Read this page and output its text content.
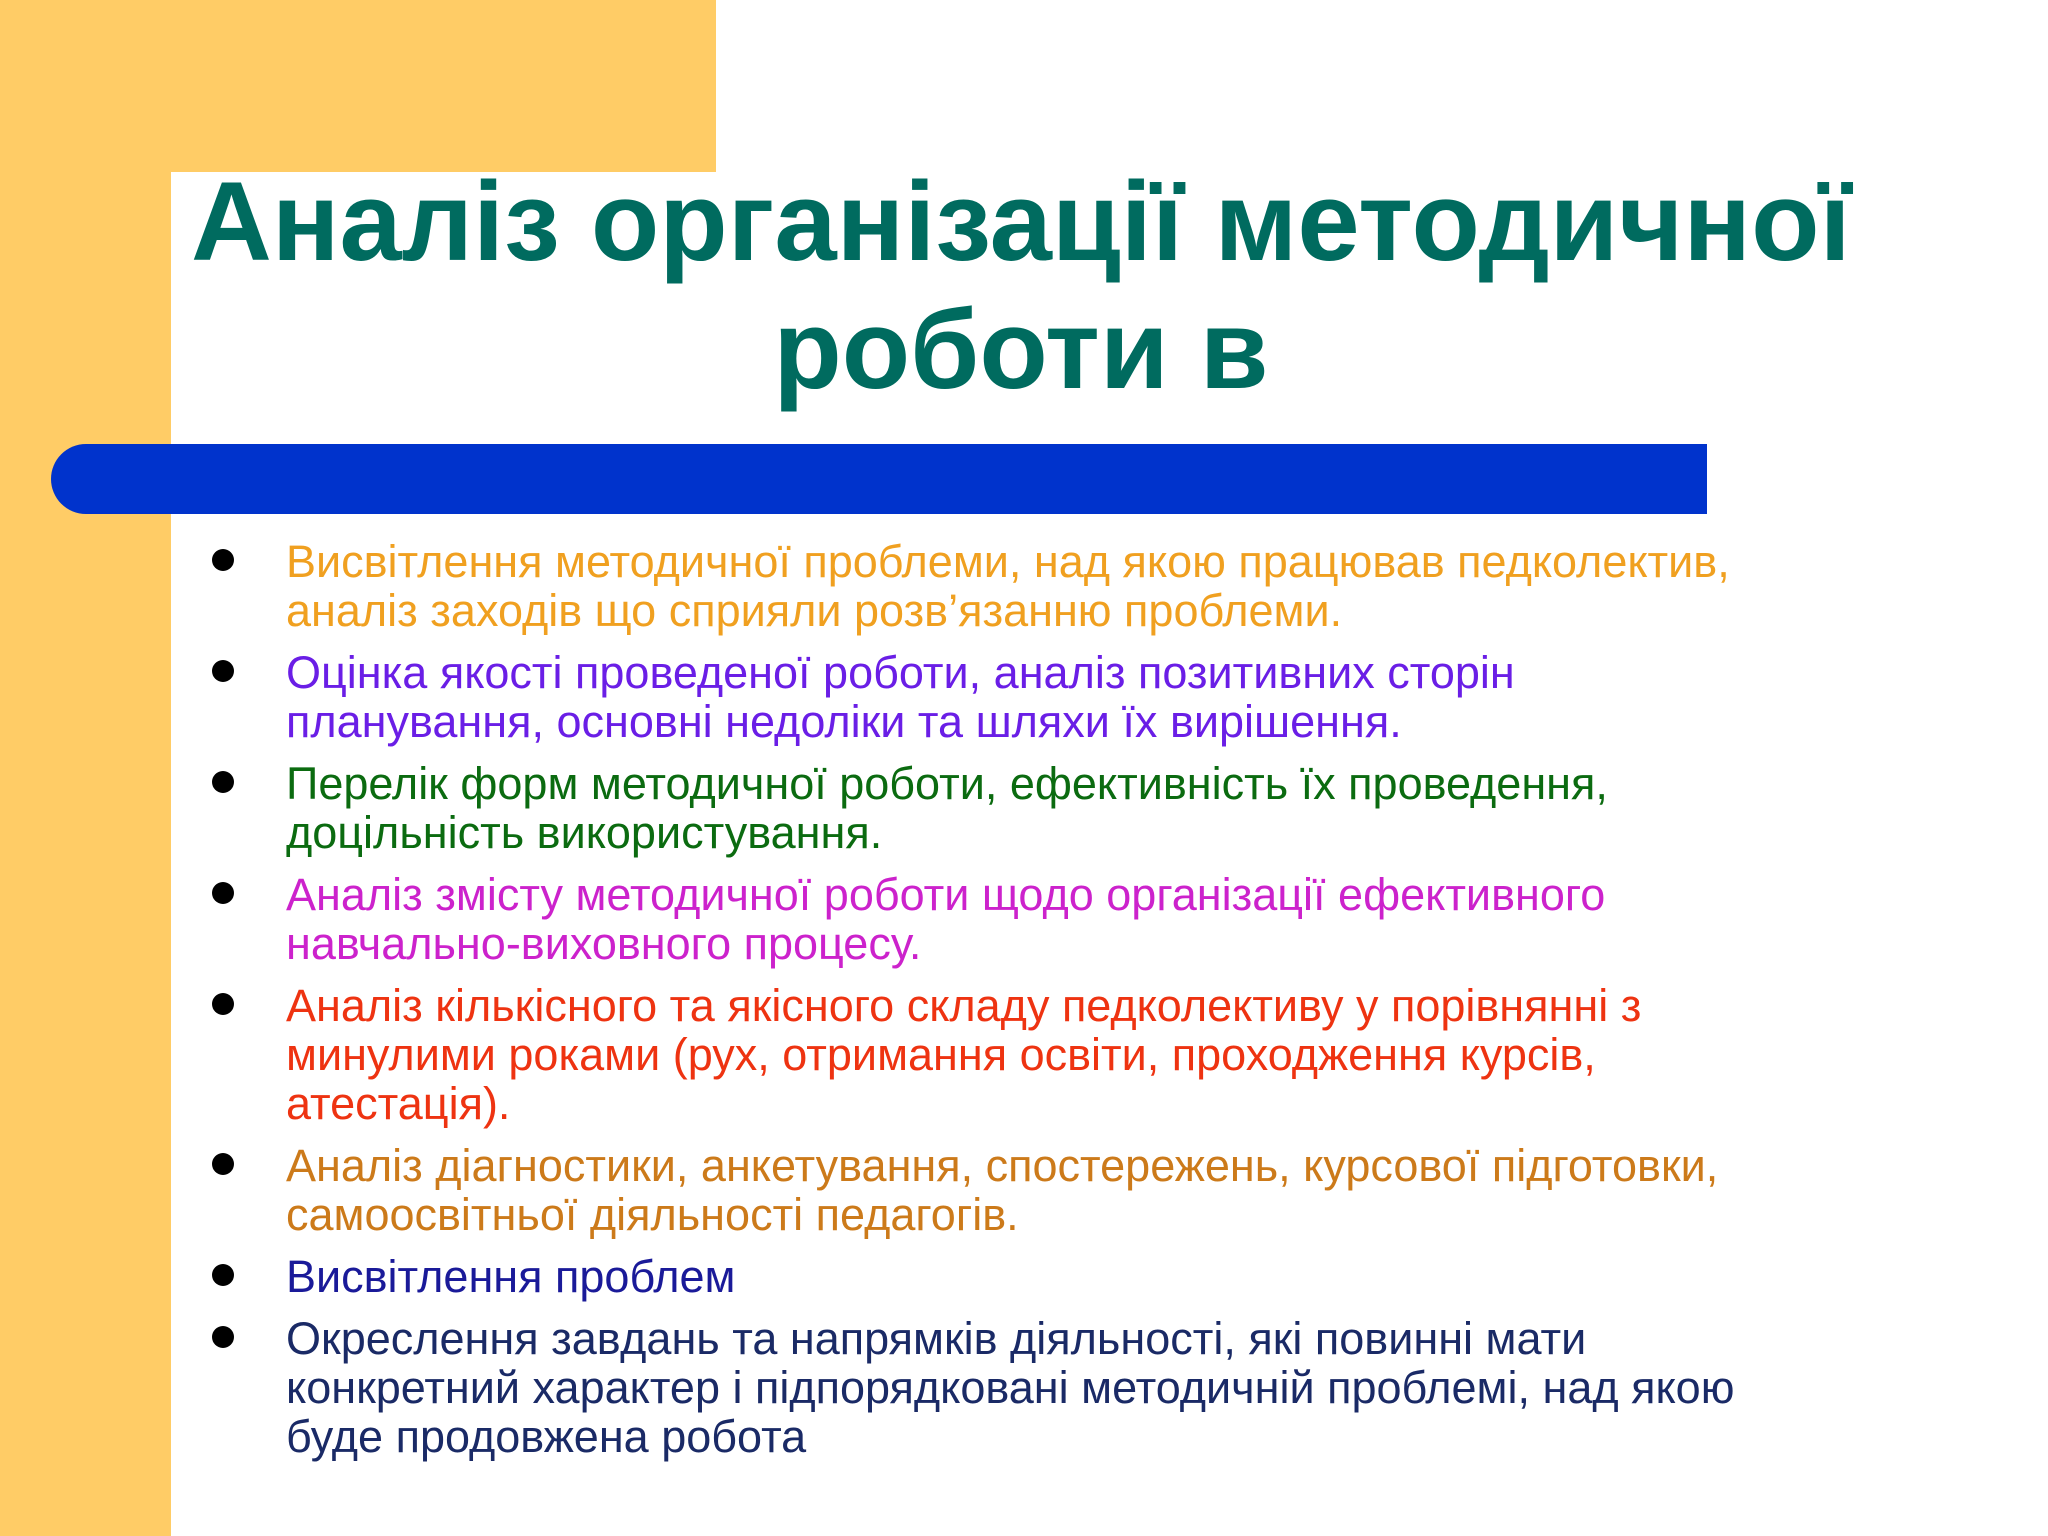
Аналіз організації методичної
роботи в
Висвітлення методичної проблеми, над якою працював педколектив,
аналіз заходів що сприяли розв’язанню проблеми.
Оцінка якості проведеної роботи, аналіз позитивних сторін
планування, основні недоліки та шляхи їх вирішення.
Перелік форм методичної роботи, ефективність їх проведення,
доцільність використування.
Аналіз змісту методичної роботи щодо організації ефективного
навчально-виховного процесу.
Аналіз кількісного та якісного складу педколективу у порівнянні з
минулими роками (рух, отримання освіти, проходження курсів,
атестація).
Аналіз діагностики, анкетування, спостережень, курсової підготовки,
самоосвітньої діяльності педагогів.
Висвітлення проблем
Окреслення завдань та напрямків діяльності, які повинні мати
конкретний характер і підпорядковані методичній проблемі, над якою
буде продовжена робота
